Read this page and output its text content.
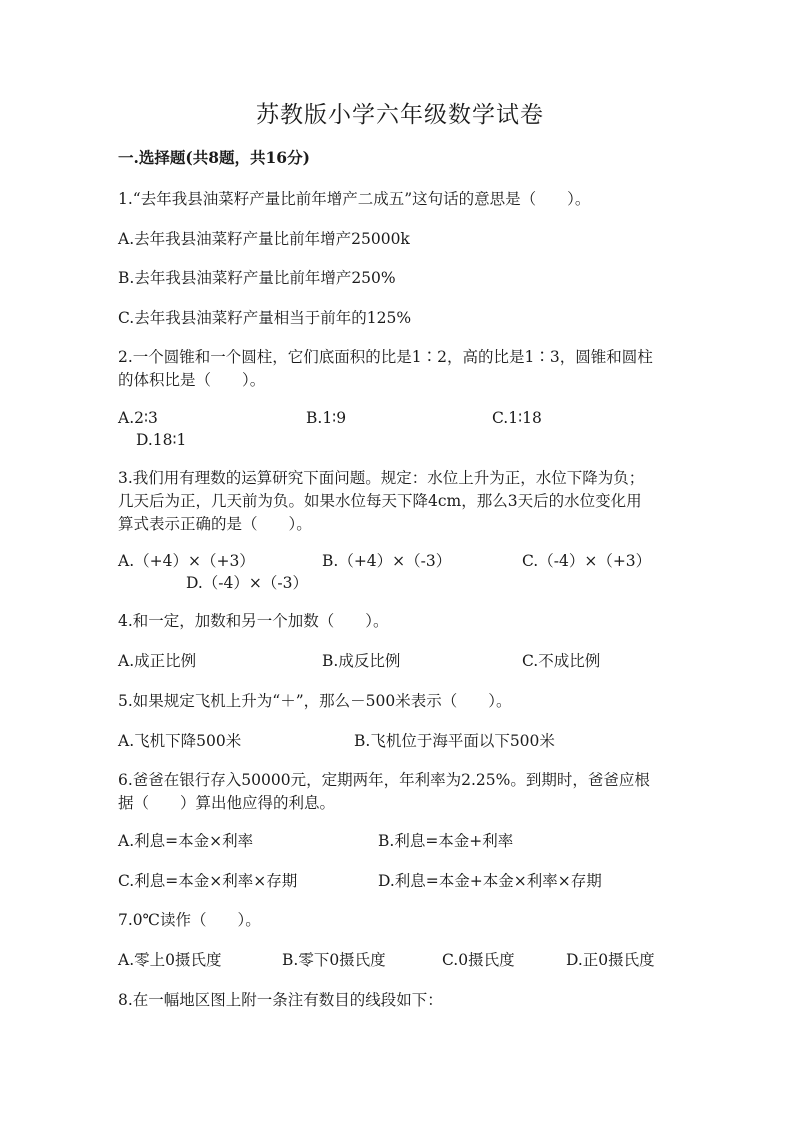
苏教版小学六年级数学试卷
一.选择题(共8题，共16分)
1.“去年我县油菜籽产量比前年增产二成五”这句话的意思是（　　）。
A.去年我县油菜籽产量比前年增产25000k
B.去年我县油菜籽产量比前年增产250%
C.去年我县油菜籽产量相当于前年的125%
2.一个圆锥和一个圆柱，它们底面积的比是1∶2，高的比是1∶3，圆锥和圆柱
的体积比是（　　）。
A.2∶3	B.1∶9	C.1∶18
D.18∶1
3.我们用有理数的运算研究下面问题。规定：水位上升为正，水位下降为负；
几天后为正，几天前为负。如果水位每天下降4cm，那么3天后的水位变化用
算式表示正确的是（　　）。
A.（+4）×（+3）	B.（+4）×（-3）	C.（-4）×（+3）
D.（-4）×（-3）
4.和一定，加数和另一个加数（　　）。
A.成正比例	B.成反比例	C.不成比例
5.如果规定飞机上升为“＋”，那么－500米表示（　　）。
A.飞机下降500米	B.飞机位于海平面以下500米
6.爸爸在银行存入50000元，定期两年，年利率为2.25%。到期时，爸爸应根
据（　　）算出他应得的利息。
A.利息=本金×利率	B.利息=本金+利率
C.利息=本金×利率×存期	D.利息=本金+本金×利率×存期
7.0℃读作（　　）。
A.零上0摄氏度	B.零下0摄氏度	C.0摄氏度	D.正0摄氏度
8.在一幅地区图上附一条注有数目的线段如下：
